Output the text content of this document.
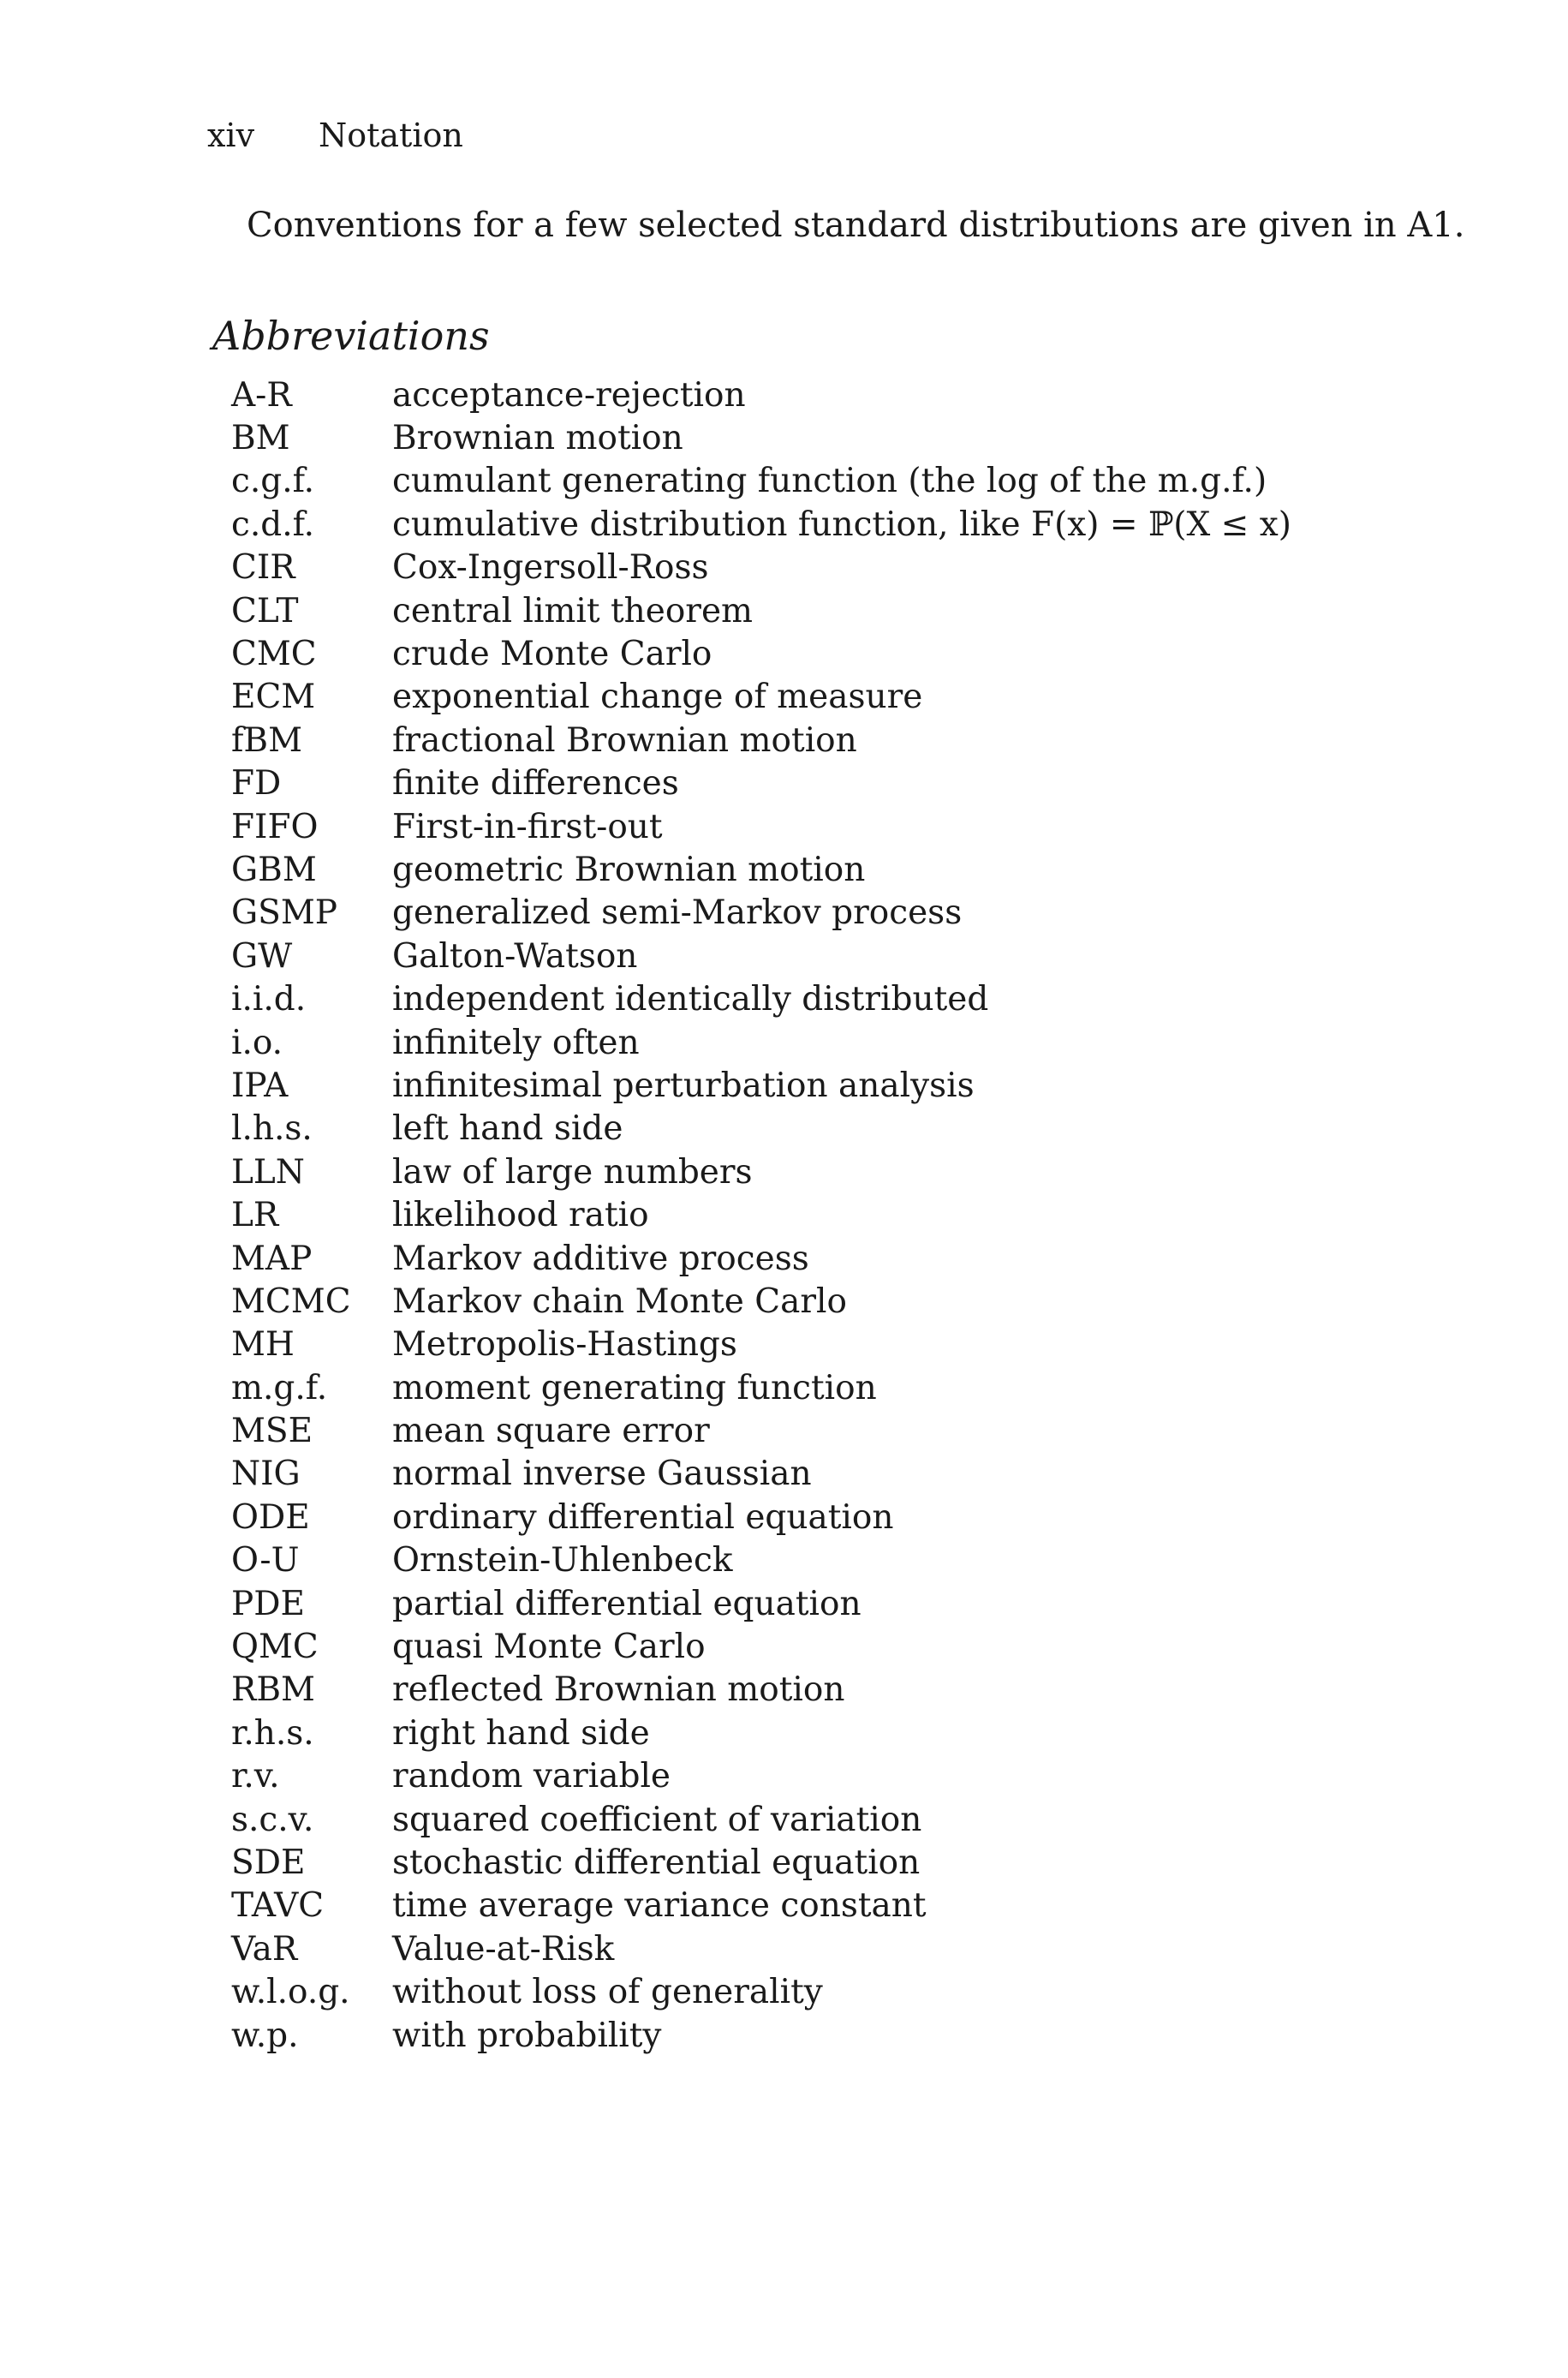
xiv Notation
Conventions for a few selected standard distributions are given in A1.
Abbreviations
A-R	acceptance-rejection
BM	Brownian motion
c.g.f.	cumulant generating function (the log of the m.g.f.)
c.d.f.	cumulative distribution function, like F(x) = ℙ(X ≤ x)
CIR	Cox-Ingersoll-Ross
CLT	central limit theorem
CMC	crude Monte Carlo
ECM	exponential change of measure
fBM	fractional Brownian motion
FD	finite differences
FIFO	First-in-first-out
GBM	geometric Brownian motion
GSMP	generalized semi-Markov process
GW	Galton-Watson
i.i.d.	independent identically distributed
i.o.	infinitely often
IPA	infinitesimal perturbation analysis
l.h.s.	left hand side
LLN	law of large numbers
LR	likelihood ratio
MAP	Markov additive process
MCMC	Markov chain Monte Carlo
MH	Metropolis-Hastings
m.g.f.	moment generating function
MSE	mean square error
NIG	normal inverse Gaussian
ODE	ordinary differential equation
O-U	Ornstein-Uhlenbeck
PDE	partial differential equation
QMC	quasi Monte Carlo
RBM	reflected Brownian motion
r.h.s.	right hand side
r.v.	random variable
s.c.v.	squared coefficient of variation
SDE	stochastic differential equation
TAVC	time average variance constant
VaR	Value-at-Risk
w.l.o.g.	without loss of generality
w.p.	with probability
